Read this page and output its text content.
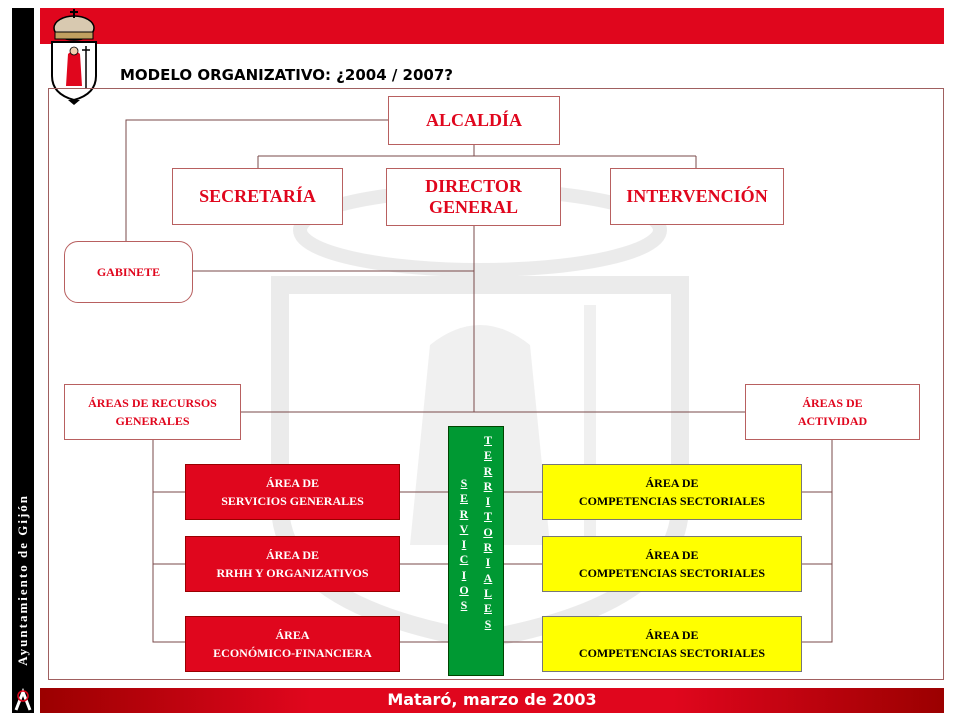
Ayuntamiento de Gijón
Mataró, marzo de 2003
MODELO ORGANIZATIVO: ¿2004 / 2007?
ALCALDÍA
SECRETARÍA	DIRECTOR
GENERAL
INTERVENCIÓN
GABINETE
ÁREAS DE RECURSOS
GENERALES
ÁREAS DE
ACTIVIDAD
ÁREA DE
SERVICIOS GENERALES
ÁREA DE
RRHH Y ORGANIZATIVOS
ÁREA
ECONÓMICO-FINANCIERA
ÁREA DE
COMPETENCIAS SECTORIALES
ÁREA DE
COMPETENCIAS SECTORIALES
ÁREA DE
COMPETENCIAS SECTORIALES
S
E
R
V
I
C
I
O
S
T
E
R
R
I
T
O
R
I
A
L
E
S
